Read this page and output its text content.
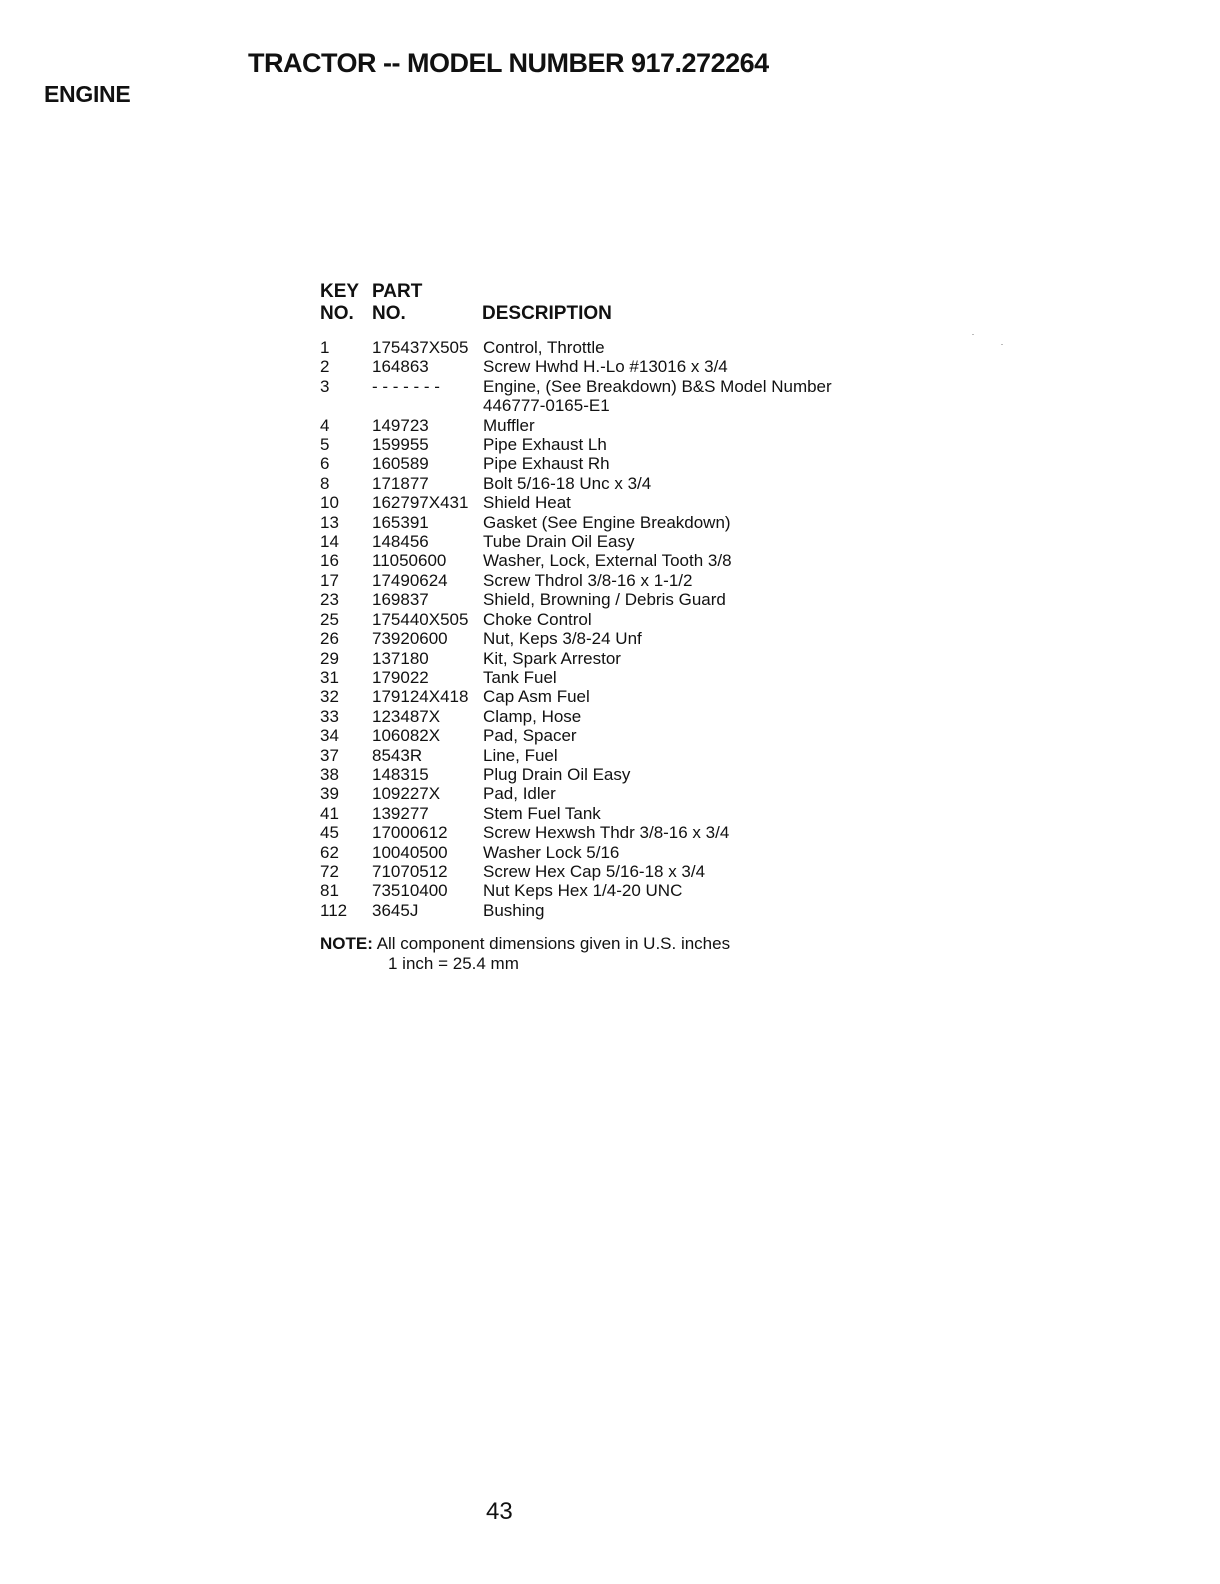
TRACTOR -- MODEL NUMBER 917.272264
ENGINE
KEY PART
NO. NO.	DESCRIPTION
1	175437X505 Control, Throttle
2	164863	Screw Hwhd H.-Lo #13016 x 3/4
3	- - - - - - -	Engine, (See Breakdown) B&S Model Number 446777-0165-E1
4	149723	Muffler
5	159955	Pipe Exhaust Lh
6	160589	Pipe Exhaust Rh
8	171877	Bolt 5/16-18 Unc x 3/4
10	162797X431 Shield Heat
13	165391	Gasket (See Engine Breakdown)
14	148456	Tube Drain Oil Easy
16	11050600	Washer, Lock, External Tooth 3/8
17	17490624	Screw Thdrol 3/8-16 x 1-1/2
23	169837	Shield, Browning / Debris Guard
25	175440X505 Choke Control
26	73920600	Nut, Keps 3/8-24 Unf
29	137180	Kit, Spark Arrestor
31	179022	Tank Fuel
32	179124X418 Cap Asm Fuel
33	123487X	Clamp, Hose
34	106082X	Pad, Spacer
37	8543R	Line, Fuel
38	148315	Plug Drain Oil Easy
39	109227X	Pad, Idler
41	139277	Stem Fuel Tank
45	17000612	Screw Hexwsh Thdr 3/8-16 x 3/4
62	10040500	Washer Lock 5/16
72	71070512	Screw Hex Cap 5/16-18 x 3/4
81	73510400	Nut Keps Hex 1/4-20 UNC
112	3645J	Bushing
NOTE: All component dimensions given in U.S. inches
1 inch = 25.4 mm
43
